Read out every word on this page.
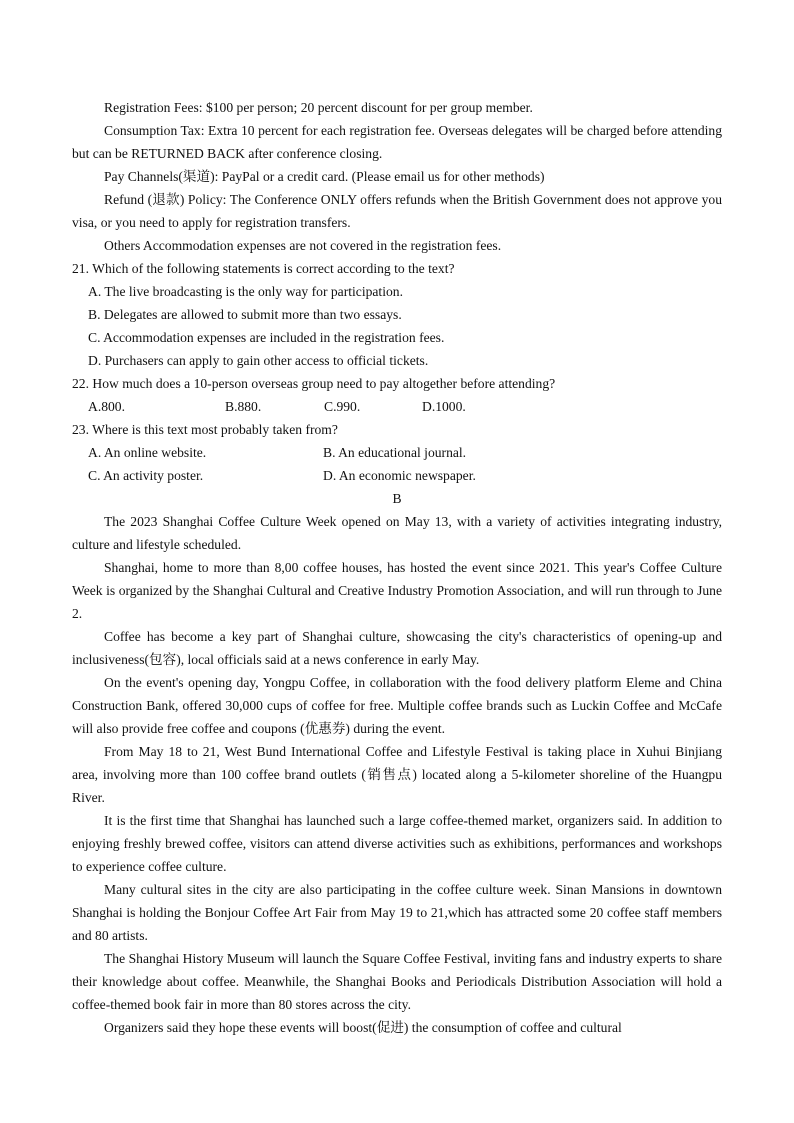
Registration Fees: $100 per person; 20 percent discount for per group member.

Consumption Tax: Extra 10 percent for each registration fee. Overseas delegates will be charged before attending but can be RETURNED BACK after conference closing.

Pay Channels(渠道): PayPal or a credit card. (Please email us for other methods)

Refund (退款) Policy: The Conference ONLY offers refunds when the British Government does not approve you visa, or you need to apply for registration transfers.

Others Accommodation expenses are not covered in the registration fees.

21. Which of the following statements is correct according to the text?

A. The live broadcasting is the only way for participation.

B. Delegates are allowed to submit more than two essays.

C. Accommodation expenses are included in the registration fees.

D. Purchasers can apply to gain other access to official tickets.

22. How much does a 10-person overseas group need to pay altogether before attending?

A.800.	B.880.	C.990.	D.1000.

23. Where is this text most probably taken from?

A. An online website.	B. An educational journal.
C. An activity poster.	D. An economic newspaper.

B

The 2023 Shanghai Coffee Culture Week opened on May 13, with a variety of activities integrating industry, culture and lifestyle scheduled.

Shanghai, home to more than 8,00 coffee houses, has hosted the event since 2021. This year's Coffee Culture Week is organized by the Shanghai Cultural and Creative Industry Promotion Association, and will run through to June 2.

Coffee has become a key part of Shanghai culture, showcasing the city's characteristics of opening-up and inclusiveness(包容), local officials said at a news conference in early May.

On the event's opening day, Yongpu Coffee, in collaboration with the food delivery platform Eleme and China Construction Bank, offered 30,000 cups of coffee for free. Multiple coffee brands such as Luckin Coffee and McCafe will also provide free coffee and coupons (优惠券) during the event.

From May 18 to 21, West Bund International Coffee and Lifestyle Festival is taking place in Xuhui Binjiang area, involving more than 100 coffee brand outlets (销售点) located along a 5-kilometer shoreline of the Huangpu River.

It is the first time that Shanghai has launched such a large coffee-themed market, organizers said. In addition to enjoying freshly brewed coffee, visitors can attend diverse activities such as exhibitions, performances and workshops to experience coffee culture.

Many cultural sites in the city are also participating in the coffee culture week. Sinan Mansions in downtown Shanghai is holding the Bonjour Coffee Art Fair from May 19 to 21,which has attracted some 20 coffee staff members and 80 artists.

The Shanghai History Museum will launch the Square Coffee Festival, inviting fans and industry experts to share their knowledge about coffee. Meanwhile, the Shanghai Books and Periodicals Distribution Association will hold a coffee-themed book fair in more than 80 stores across the city.

Organizers said they hope these events will boost(促进) the consumption of coffee and cultural
